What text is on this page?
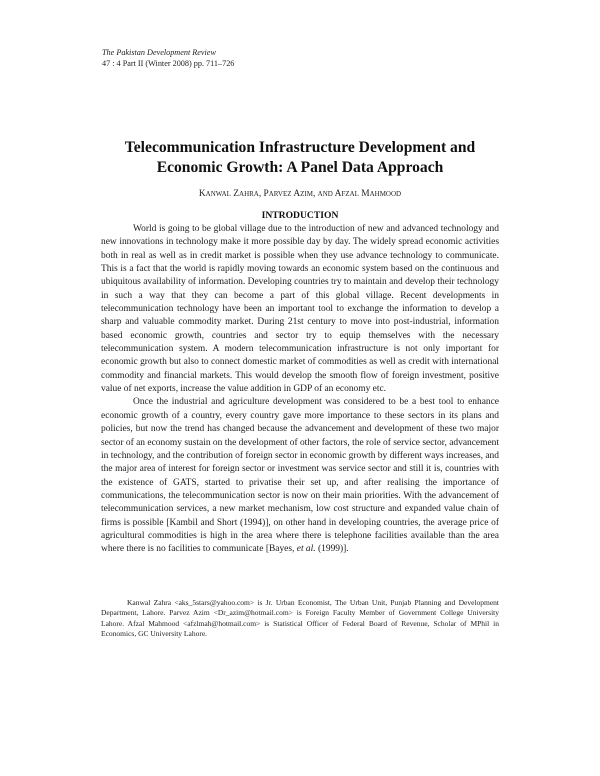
The Pakistan Development Review
47 : 4 Part II (Winter 2008) pp. 711–726
Telecommunication Infrastructure Development and
Economic Growth: A Panel Data Approach
Kanwal Zahra, Parvez Azim, and Afzal Mahmood
INTRODUCTION

World is going to be global village due to the introduction of new and advanced technology and new innovations in technology make it more possible day by day. The widely spread economic activities both in real as well as in credit market is possible when they use advance technology to communicate. This is a fact that the world is rapidly moving towards an economic system based on the continuous and ubiquitous availability of information. Developing countries try to maintain and develop their technology in such a way that they can become a part of this global village. Recent developments in telecommunication technology have been an important tool to exchange the information to develop a sharp and valuable commodity market. During 21st century to move into post-industrial, information based economic growth, countries and sector try to equip themselves with the necessary telecommunication system. A modern telecommunication infrastructure is not only important for economic growth but also to connect domestic market of commodities as well as credit with international commodity and financial markets. This would develop the smooth flow of foreign investment, positive value of net exports, increase the value addition in GDP of an economy etc.

Once the industrial and agriculture development was considered to be a best tool to enhance economic growth of a country, every country gave more importance to these sectors in its plans and policies, but now the trend has changed because the advancement and development of these two major sector of an economy sustain on the development of other factors, the role of service sector, advancement in technology, and the contribution of foreign sector in economic growth by different ways increases, and the major area of interest for foreign sector or investment was service sector and still it is, countries with the existence of GATS, started to privatise their set up, and after realising the importance of communications, the telecommunication sector is now on their main priorities. With the advancement of telecommunication services, a new market mechanism, low cost structure and expanded value chain of firms is possible [Kambil and Short (1994)], on other hand in developing countries, the average price of agricultural commodities is high in the area where there is telephone facilities available than the area where there is no facilities to communicate [Bayes, et al. (1999)].

Kanwal Zahra <aks_5stars@yahoo.com> is Jr. Urban Economist, The Urban Unit, Punjab Planning and Development Department, Lahore. Parvez Azim <Dr_azim@hotmail.com> is Foreign Faculty Member of Government College University Lahore. Afzal Mahmood <afzlmah@hotmail.com> is Statistical Officer of Federal Board of Revenue, Scholar of MPhil in Economics, GC University Lahore.
